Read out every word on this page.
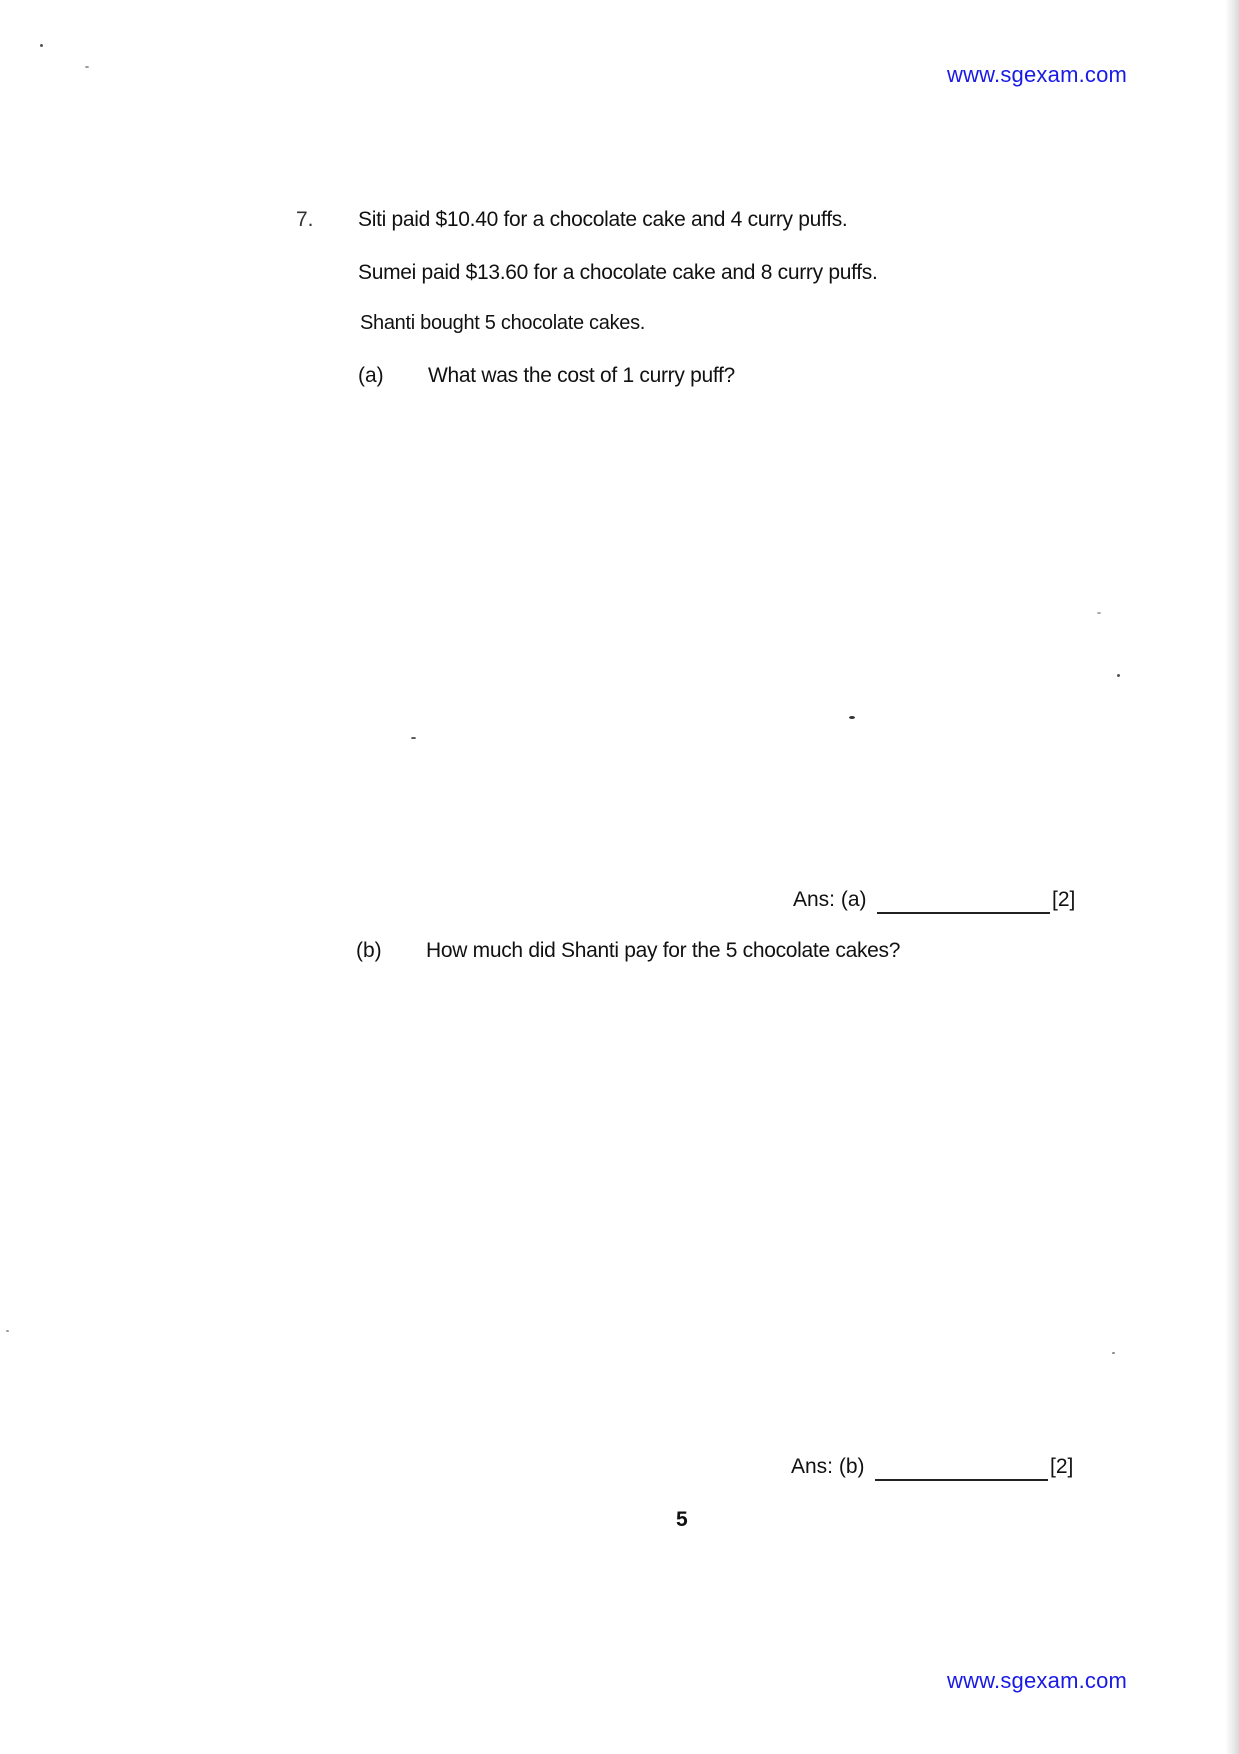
www.sgexam.com
7. Siti paid $10.40 for a chocolate cake and 4 curry puffs.
Sumei paid $13.60 for a chocolate cake and 8 curry puffs.
Shanti bought 5 chocolate cakes.
(a) What was the cost of 1 curry puff?
Ans: (a)	[2]
(b) How much did Shanti pay for the 5 chocolate cakes?
Ans: (b)	[2]
5
www.sgexam.com
